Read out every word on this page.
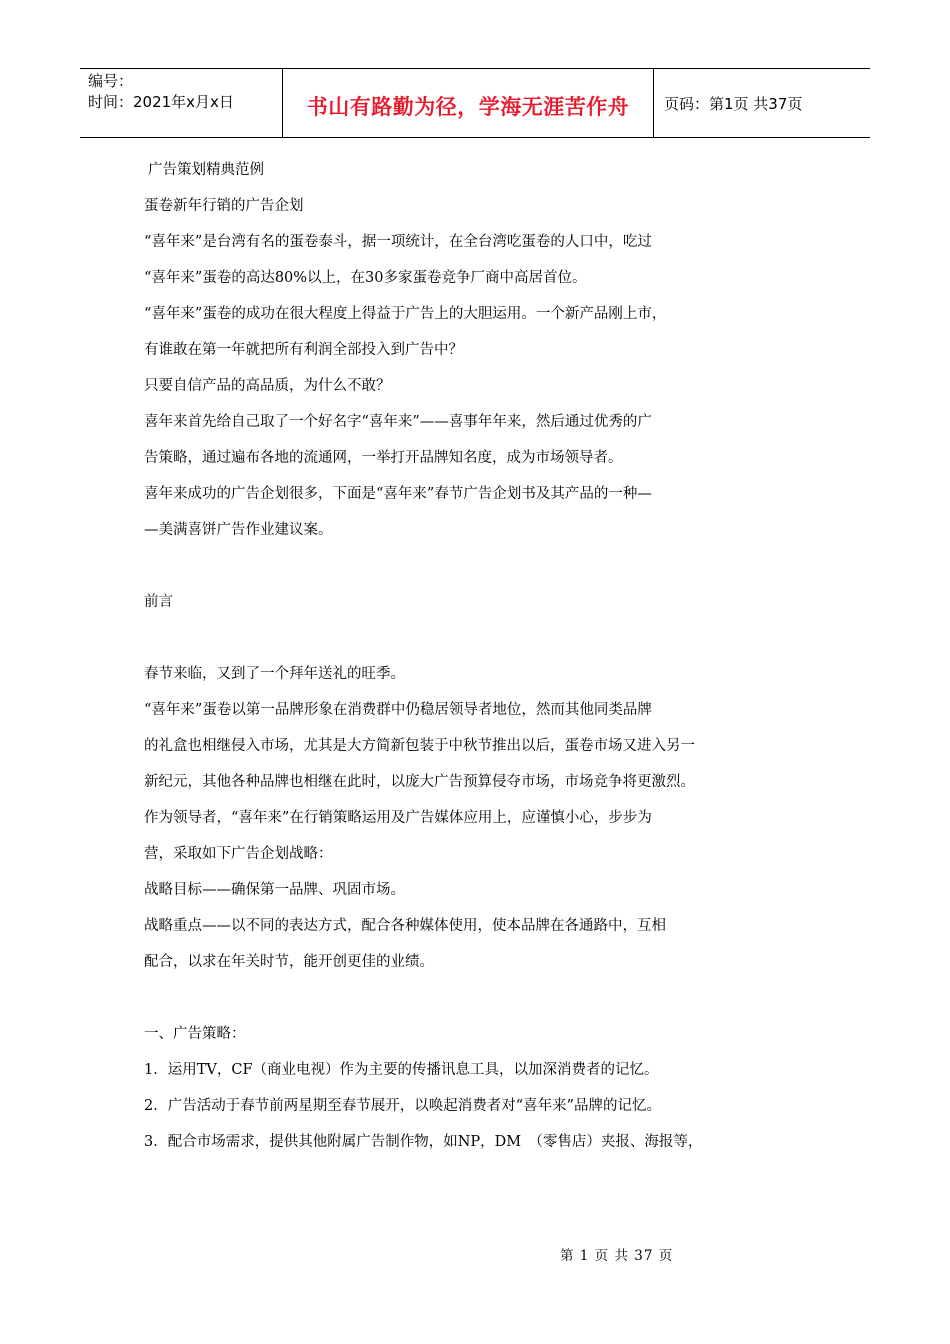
编号：
时间：2021年x月x日	书山有路勤为径，学海无涯苦作舟 页码：第1页 共37页
广告策划精典范例
蛋卷新年行销的广告企划
“喜年来”是台湾有名的蛋卷泰斗，据一项统计，在全台湾吃蛋卷的人口中，吃过
“喜年来”蛋卷的高达80%以上，在30多家蛋卷竞争厂商中高居首位。
“喜年来”蛋卷的成功在很大程度上得益于广告上的大胆运用。一个新产品刚上市，
有谁敢在第一年就把所有利润全部投入到广告中？
只要自信产品的高品质，为什么不敢？
喜年来首先给自己取了一个好名字“喜年来”——喜事年年来，然后通过优秀的广
告策略，通过遍布各地的流通网，一举打开品牌知名度，成为市场领导者。
喜年来成功的广告企划很多，下面是“喜年来”春节广告企划书及其产品的一种—
—美满喜饼广告作业建议案。
前言
春节来临，又到了一个拜年送礼的旺季。
“喜年来”蛋卷以第一品牌形象在消费群中仍稳居领导者地位，然而其他同类品牌
的礼盒也相继侵入市场，尤其是大方简新包装于中秋节推出以后，蛋卷市场又进入另一
新纪元，其他各种品牌也相继在此时，以庞大广告预算侵夺市场，市场竞争将更激烈。
作为领导者，“喜年来”在行销策略运用及广告媒体应用上，应谨慎小心，步步为
营，采取如下广告企划战略：
战略目标——确保第一品牌、巩固市场。
战略重点——以不同的表达方式，配合各种媒体使用，使本品牌在各通路中，互相
配合，以求在年关时节，能开创更佳的业绩。
一、广告策略：
1．运用TV，CF（商业电视）作为主要的传播讯息工具，以加深消费者的记忆。
2．广告活动于春节前两星期至春节展开，以唤起消费者对“喜年来”品牌的记忆。
3．配合市场需求，提供其他附属广告制作物，如NP，DM　（零售店）夹报、海报等，
第 1 页 共 37 页
